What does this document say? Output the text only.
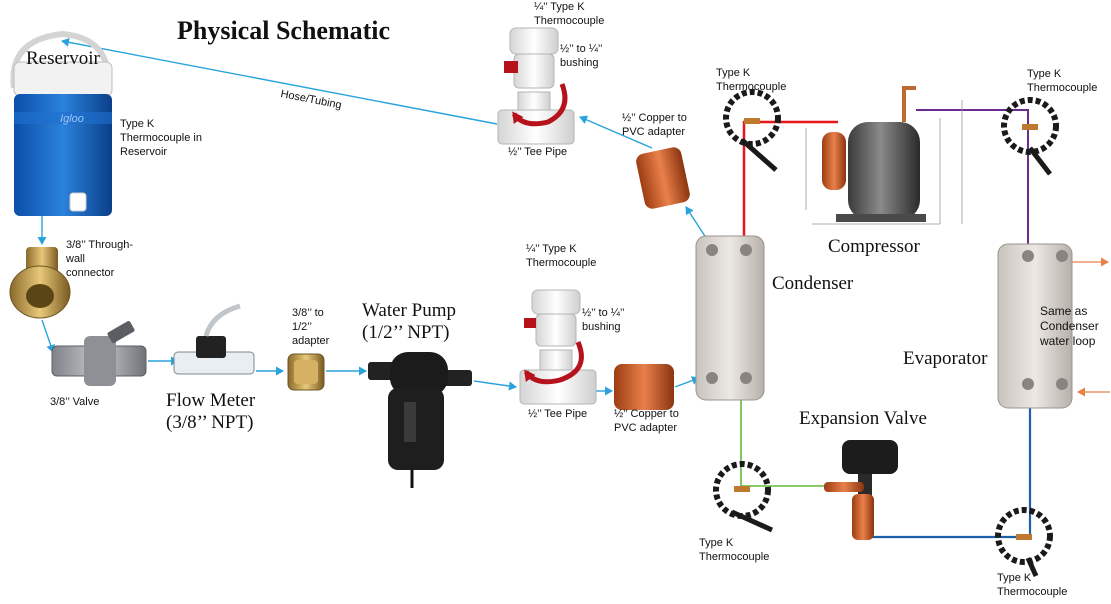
Igloo
Physical Schematic
Reservoir
Type K
Thermocouple in
Reservoir
Hose/Tubing
¼’’ Type K
Thermocouple
½’’ to ¼’’
bushing
½’’ Tee Pipe
½’’ Copper to
PVC adapter
3/8’’ Through-
wall
connector
3/8’’ Valve	Flow Meter
(3/8’’ NPT)
3/8’’ to
1/2’’
adapter
Water Pump
(1/2’’ NPT)
¼’’ Type K
Thermocouple
½’’ to ¼’’
bushing
½’’ Tee Pipe ½’’ Copper to
PVC adapter
Type K
Thermocouple
Type K
Thermocouple
Compressor
Condenser
Evaporator
Same as
Condenser
water loop
Expansion Valve
Type K
Thermocouple
Type K
Thermocouple
